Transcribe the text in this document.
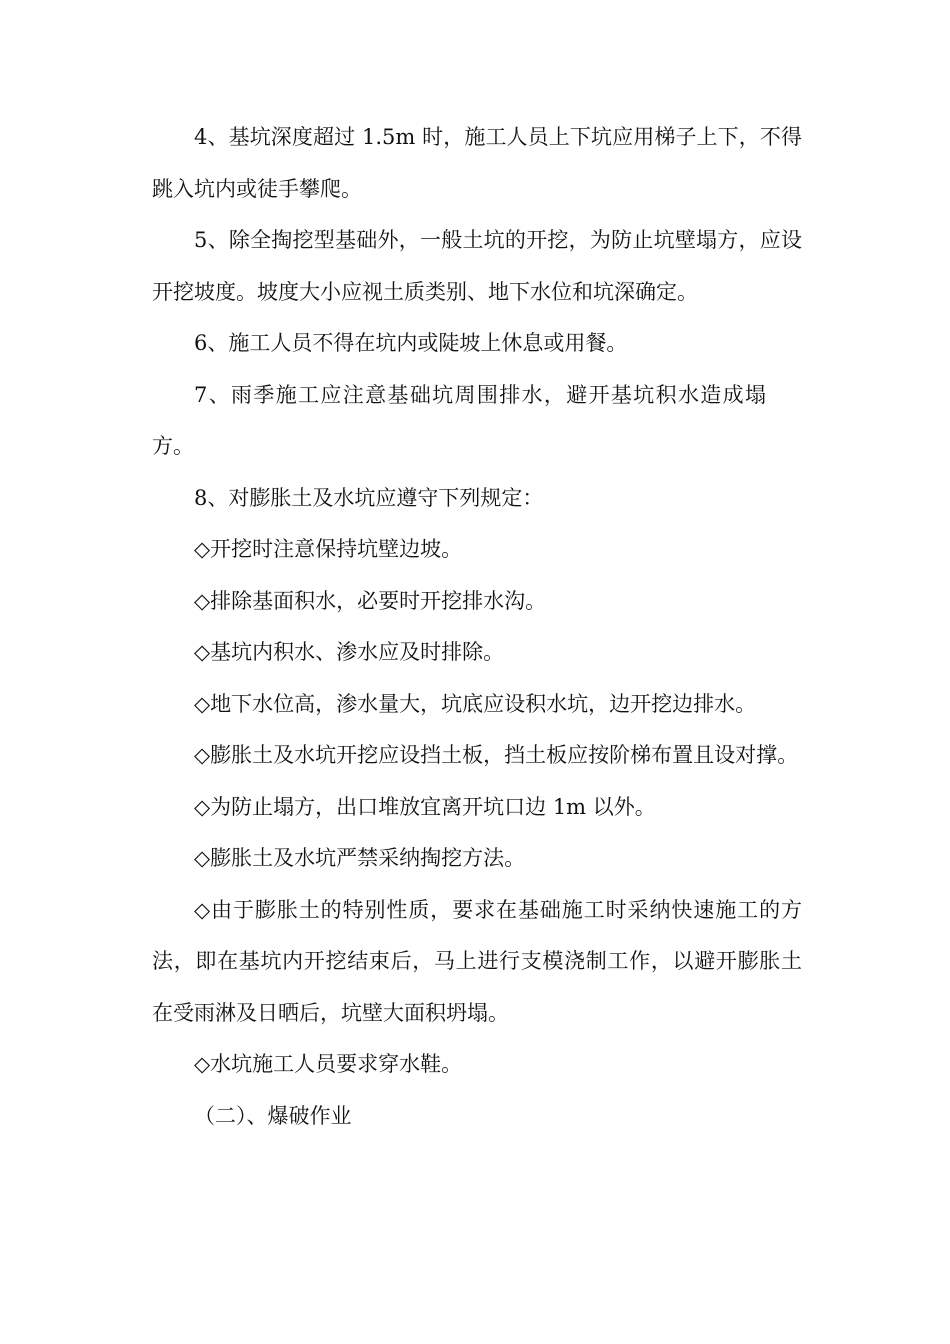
4、基坑深度超过 1.5m 时，施工人员上下坑应用梯子上下，不得跳入坑内或徒手攀爬。

5、除全掏挖型基础外，一般土坑的开挖，为防止坑壁塌方，应设开挖坡度。坡度大小应视土质类别、地下水位和坑深确定。

6、施工人员不得在坑内或陡坡上休息或用餐。

7、雨季施工应注意基础坑周围排水，避开基坑积水造成塌方。

8、对膨胀土及水坑应遵守下列规定：

◇开挖时注意保持坑壁边坡。

◇排除基面积水，必要时开挖排水沟。

◇基坑内积水、渗水应及时排除。

◇地下水位高，渗水量大，坑底应设积水坑，边开挖边排水。

◇膨胀土及水坑开挖应设挡土板，挡土板应按阶梯布置且设对撑。

◇为防止塌方，出口堆放宜离开坑口边 1m 以外。

◇膨胀土及水坑严禁采纳掏挖方法。

◇由于膨胀土的特别性质，要求在基础施工时采纳快速施工的方法，即在基坑内开挖结束后，马上进行支模浇制工作，以避开膨胀土在受雨淋及日晒后，坑壁大面积坍塌。

◇水坑施工人员要求穿水鞋。

（二）、爆破作业
